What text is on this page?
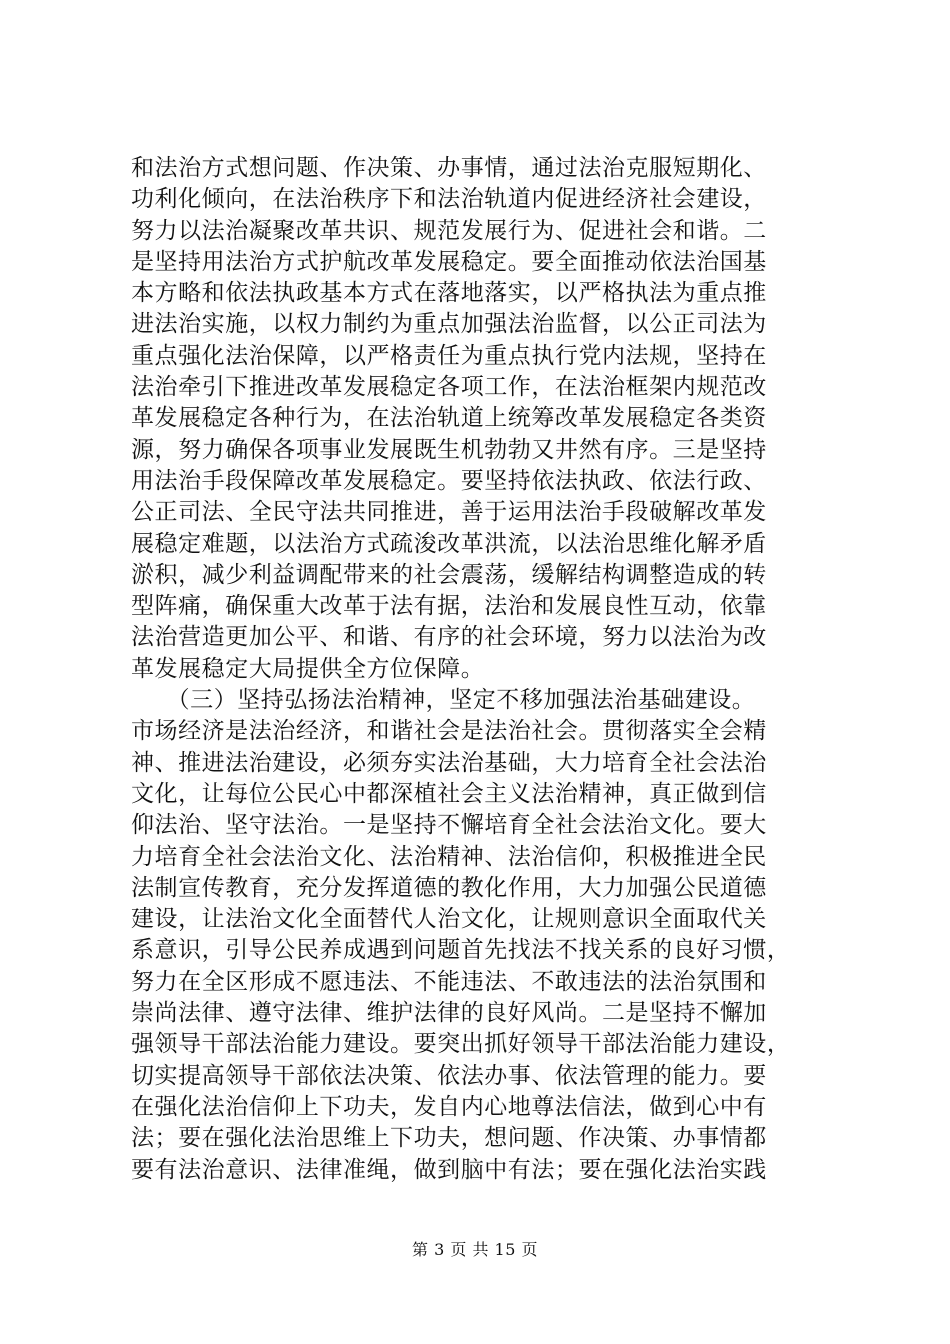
和法治方式想问题、作决策、办事情，通过法治克服短期化、
功利化倾向，在法治秩序下和法治轨道内促进经济社会建设，
努力以法治凝聚改革共识、规范发展行为、促进社会和谐。二
是坚持用法治方式护航改革发展稳定。要全面推动依法治国基
本方略和依法执政基本方式在落地落实，以严格执法为重点推
进法治实施，以权力制约为重点加强法治监督，以公正司法为
重点强化法治保障，以严格责任为重点执行党内法规，坚持在
法治牵引下推进改革发展稳定各项工作，在法治框架内规范改
革发展稳定各种行为，在法治轨道上统筹改革发展稳定各类资
源，努力确保各项事业发展既生机勃勃又井然有序。三是坚持
用法治手段保障改革发展稳定。要坚持依法执政、依法行政、
公正司法、全民守法共同推进，善于运用法治手段破解改革发
展稳定难题，以法治方式疏浚改革洪流，以法治思维化解矛盾
淤积，减少利益调配带来的社会震荡，缓解结构调整造成的转
型阵痛，确保重大改革于法有据，法治和发展良性互动，依靠
法治营造更加公平、和谐、有序的社会环境，努力以法治为改
革发展稳定大局提供全方位保障。
　　（三）坚持弘扬法治精神，坚定不移加强法治基础建设。
市场经济是法治经济，和谐社会是法治社会。贯彻落实全会精
神、推进法治建设，必须夯实法治基础，大力培育全社会法治
文化，让每位公民心中都深植社会主义法治精神，真正做到信
仰法治、坚守法治。一是坚持不懈培育全社会法治文化。要大
力培育全社会法治文化、法治精神、法治信仰，积极推进全民
法制宣传教育，充分发挥道德的教化作用，大力加强公民道德
建设，让法治文化全面替代人治文化，让规则意识全面取代关
系意识，引导公民养成遇到问题首先找法不找关系的良好习惯，
努力在全区形成不愿违法、不能违法、不敢违法的法治氛围和
崇尚法律、遵守法律、维护法律的良好风尚。二是坚持不懈加
强领导干部法治能力建设。要突出抓好领导干部法治能力建设，
切实提高领导干部依法决策、依法办事、依法管理的能力。要
在强化法治信仰上下功夫，发自内心地尊法信法，做到心中有
法；要在强化法治思维上下功夫，想问题、作决策、办事情都
要有法治意识、法律准绳，做到脑中有法；要在强化法治实践
第 3 页 共 15 页
